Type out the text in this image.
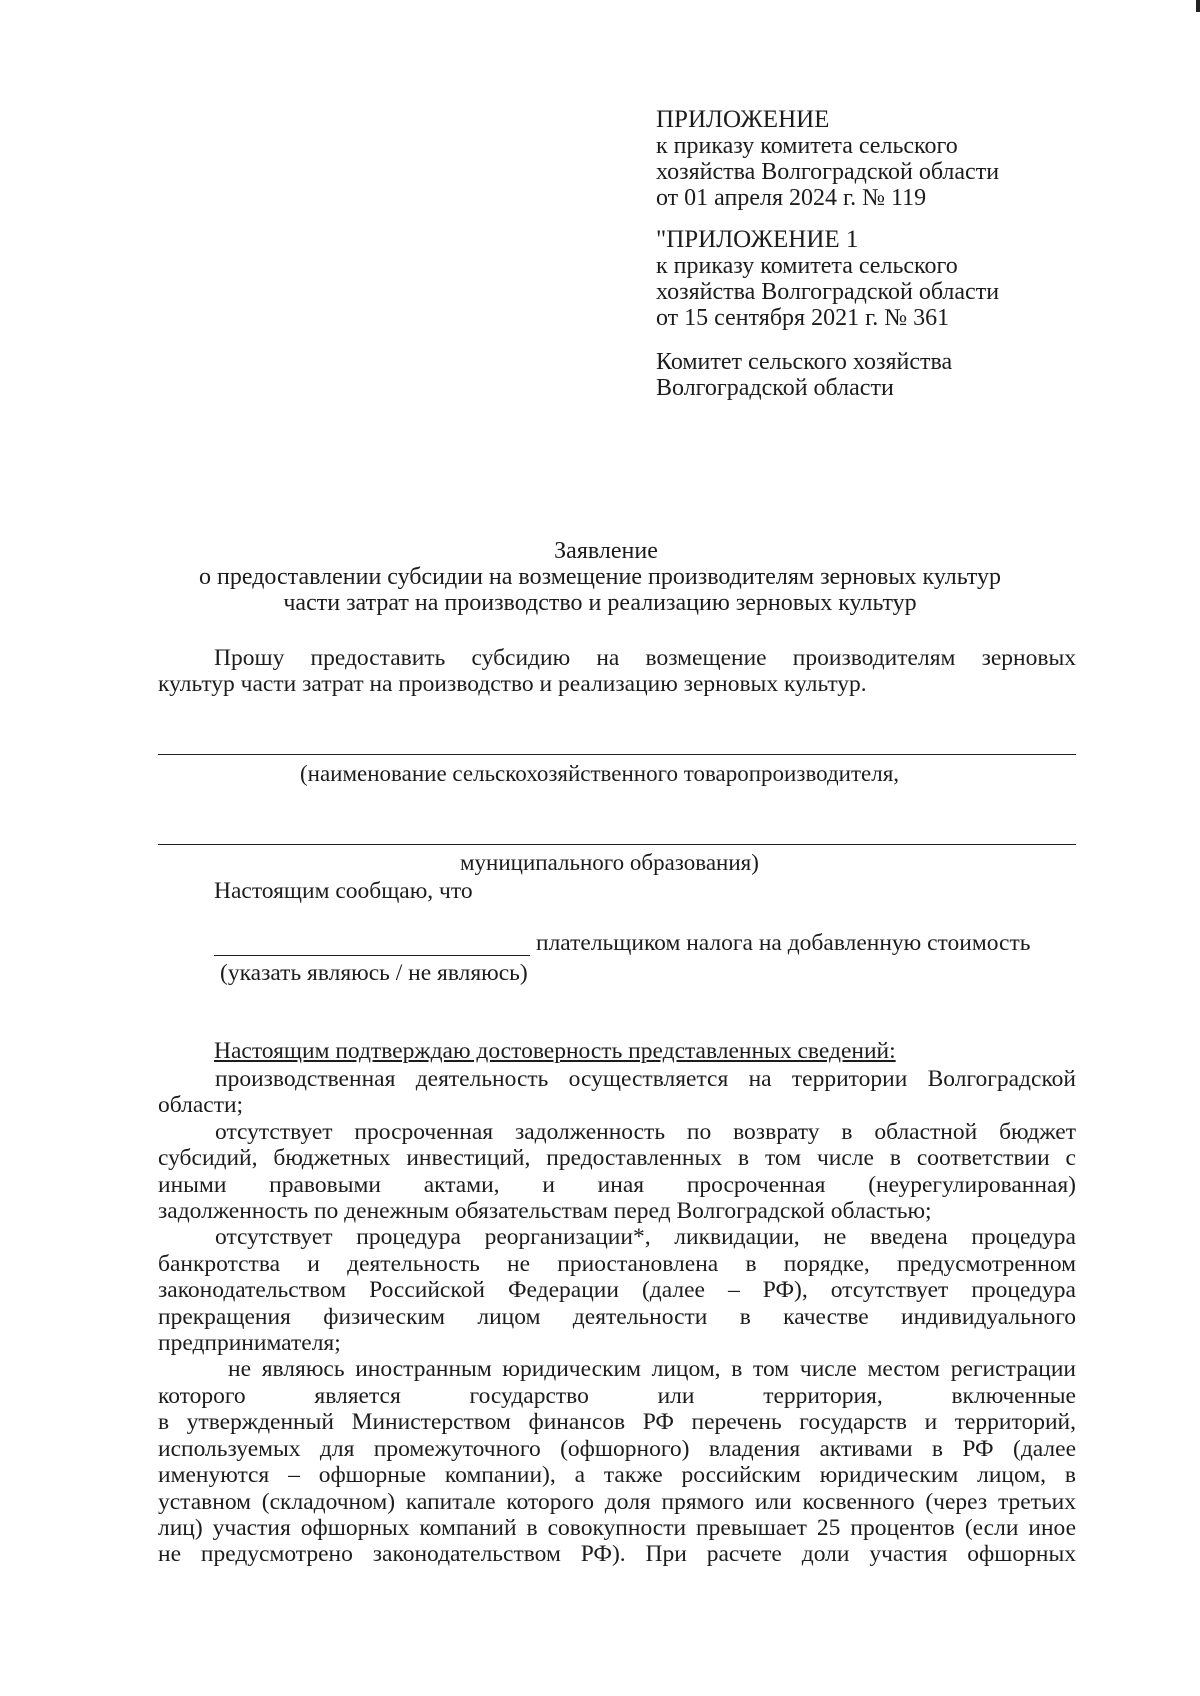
ПРИЛОЖЕНИЕ
к приказу комитета сельского
хозяйства Волгоградской области
от 01 апреля 2024 г. № 119
"ПРИЛОЖЕНИЕ 1
к приказу комитета сельского
хозяйства Волгоградской области
от 15 сентября 2021 г. № 361
Комитет сельского хозяйства
Волгоградской области
Заявление
о предоставлении субсидии на возмещение производителям зерновых культур
части затрат на производство и реализацию зерновых культур
Прошу предоставить субсидию на возмещение производителям зерновых
культур части затрат на производство и реализацию зерновых культур.
(наименование сельскохозяйственного товаропроизводителя,
муниципального образования)
Настоящим сообщаю, что
плательщиком налога на добавленную стоимость
(указать являюсь / не являюсь)
Настоящим подтверждаю достоверность представленных сведений:
производственная деятельность осуществляется на территории Волгоградской
области;
отсутствует просроченная задолженность по возврату в областной бюджет
субсидий, бюджетных инвестиций, предоставленных в том числе в соответствии с
иными правовыми актами, и иная просроченная (неурегулированная)
задолженность по денежным обязательствам перед Волгоградской областью;
отсутствует процедура реорганизации*, ликвидации, не введена процедура
банкротства и деятельность не приостановлена в порядке, предусмотренном
законодательством Российской Федерации (далее – РФ), отсутствует процедура
прекращения физическим лицом деятельности в качестве индивидуального
предпринимателя;
не являюсь иностранным юридическим лицом, в том числе местом регистрации
которого является государство или территория, включенные
в утвержденный Министерством финансов РФ перечень государств и территорий,
используемых для промежуточного (офшорного) владения активами в РФ (далее
именуются – офшорные компании), а также российским юридическим лицом, в
уставном (складочном) капитале которого доля прямого или косвенного (через третьих
лиц) участия офшорных компаний в совокупности превышает 25 процентов (если иное
не предусмотрено законодательством РФ). При расчете доли участия офшорных
